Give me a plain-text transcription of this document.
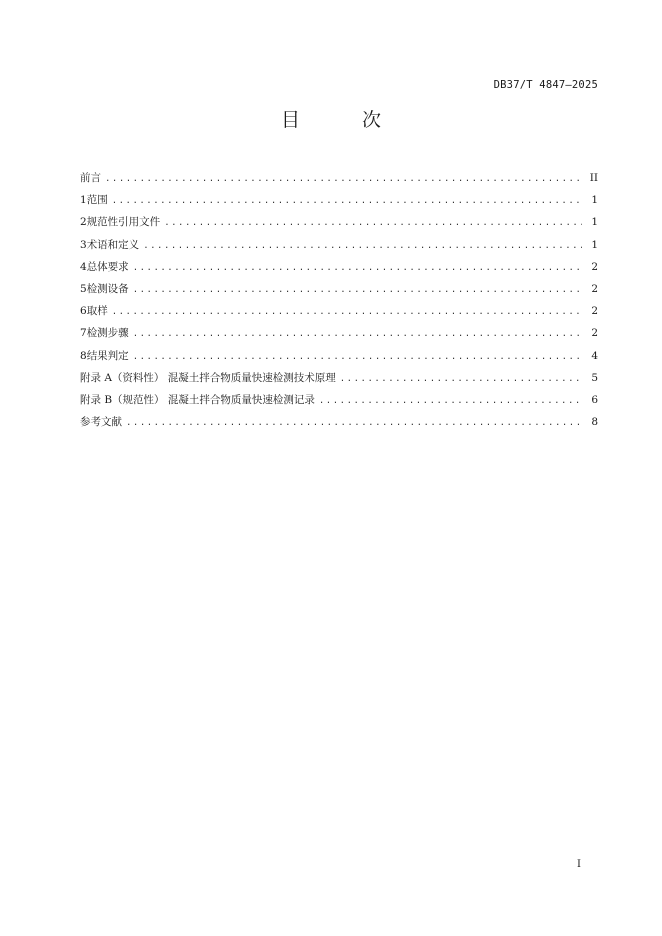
DB37/T 4847—2025
目 次
前言 .....	II
1 范围 .....	1
2 规范性引用文件 .....	1
3 术语和定义 .....	1
4 总体要求 .....	2
5 检测设备 .....	2
6 取样 .....	2
7 检测步骤 .....	2
8 结果判定 .....	4
附录 A（资料性） 混凝土拌合物质量快速检测技术原理 .....	5
附录 B（规范性） 混凝土拌合物质量快速检测记录 .....	6
参考文献 .....	8
I
